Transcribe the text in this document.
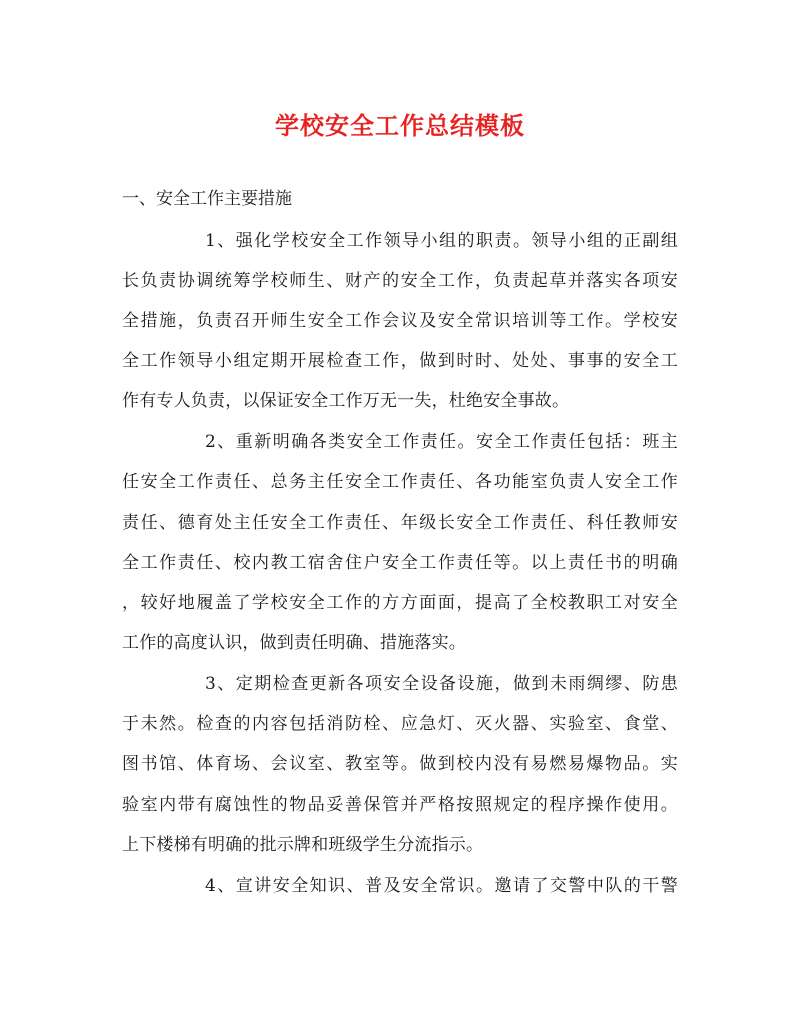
学校安全工作总结模板
一、安全工作主要措施
1、强化学校安全工作领导小组的职责。领导小组的正副组
长负责协调统筹学校师生、财产的安全工作，负责起草并落实各项安
全措施，负责召开师生安全工作会议及安全常识培训等工作。学校安
全工作领导小组定期开展检查工作，做到时时、处处、事事的安全工
作有专人负责，以保证安全工作万无一失，杜绝安全事故。
2、重新明确各类安全工作责任。安全工作责任包括：班主
任安全工作责任、总务主任安全工作责任、各功能室负责人安全工作
责任、德育处主任安全工作责任、年级长安全工作责任、科任教师安
全工作责任、校内教工宿舍住户安全工作责任等。以上责任书的明确
，较好地履盖了学校安全工作的方方面面，提高了全校教职工对安全
工作的高度认识，做到责任明确、措施落实。
3、定期检查更新各项安全设备设施，做到未雨绸缪、防患
于未然。检查的内容包括消防栓、应急灯、灭火器、实验室、食堂、
图书馆、体育场、会议室、教室等。做到校内没有易燃易爆物品。实
验室内带有腐蚀性的物品妥善保管并严格按照规定的程序操作使用。
上下楼梯有明确的批示牌和班级学生分流指示。
4、宣讲安全知识、普及安全常识。邀请了交警中队的干警
